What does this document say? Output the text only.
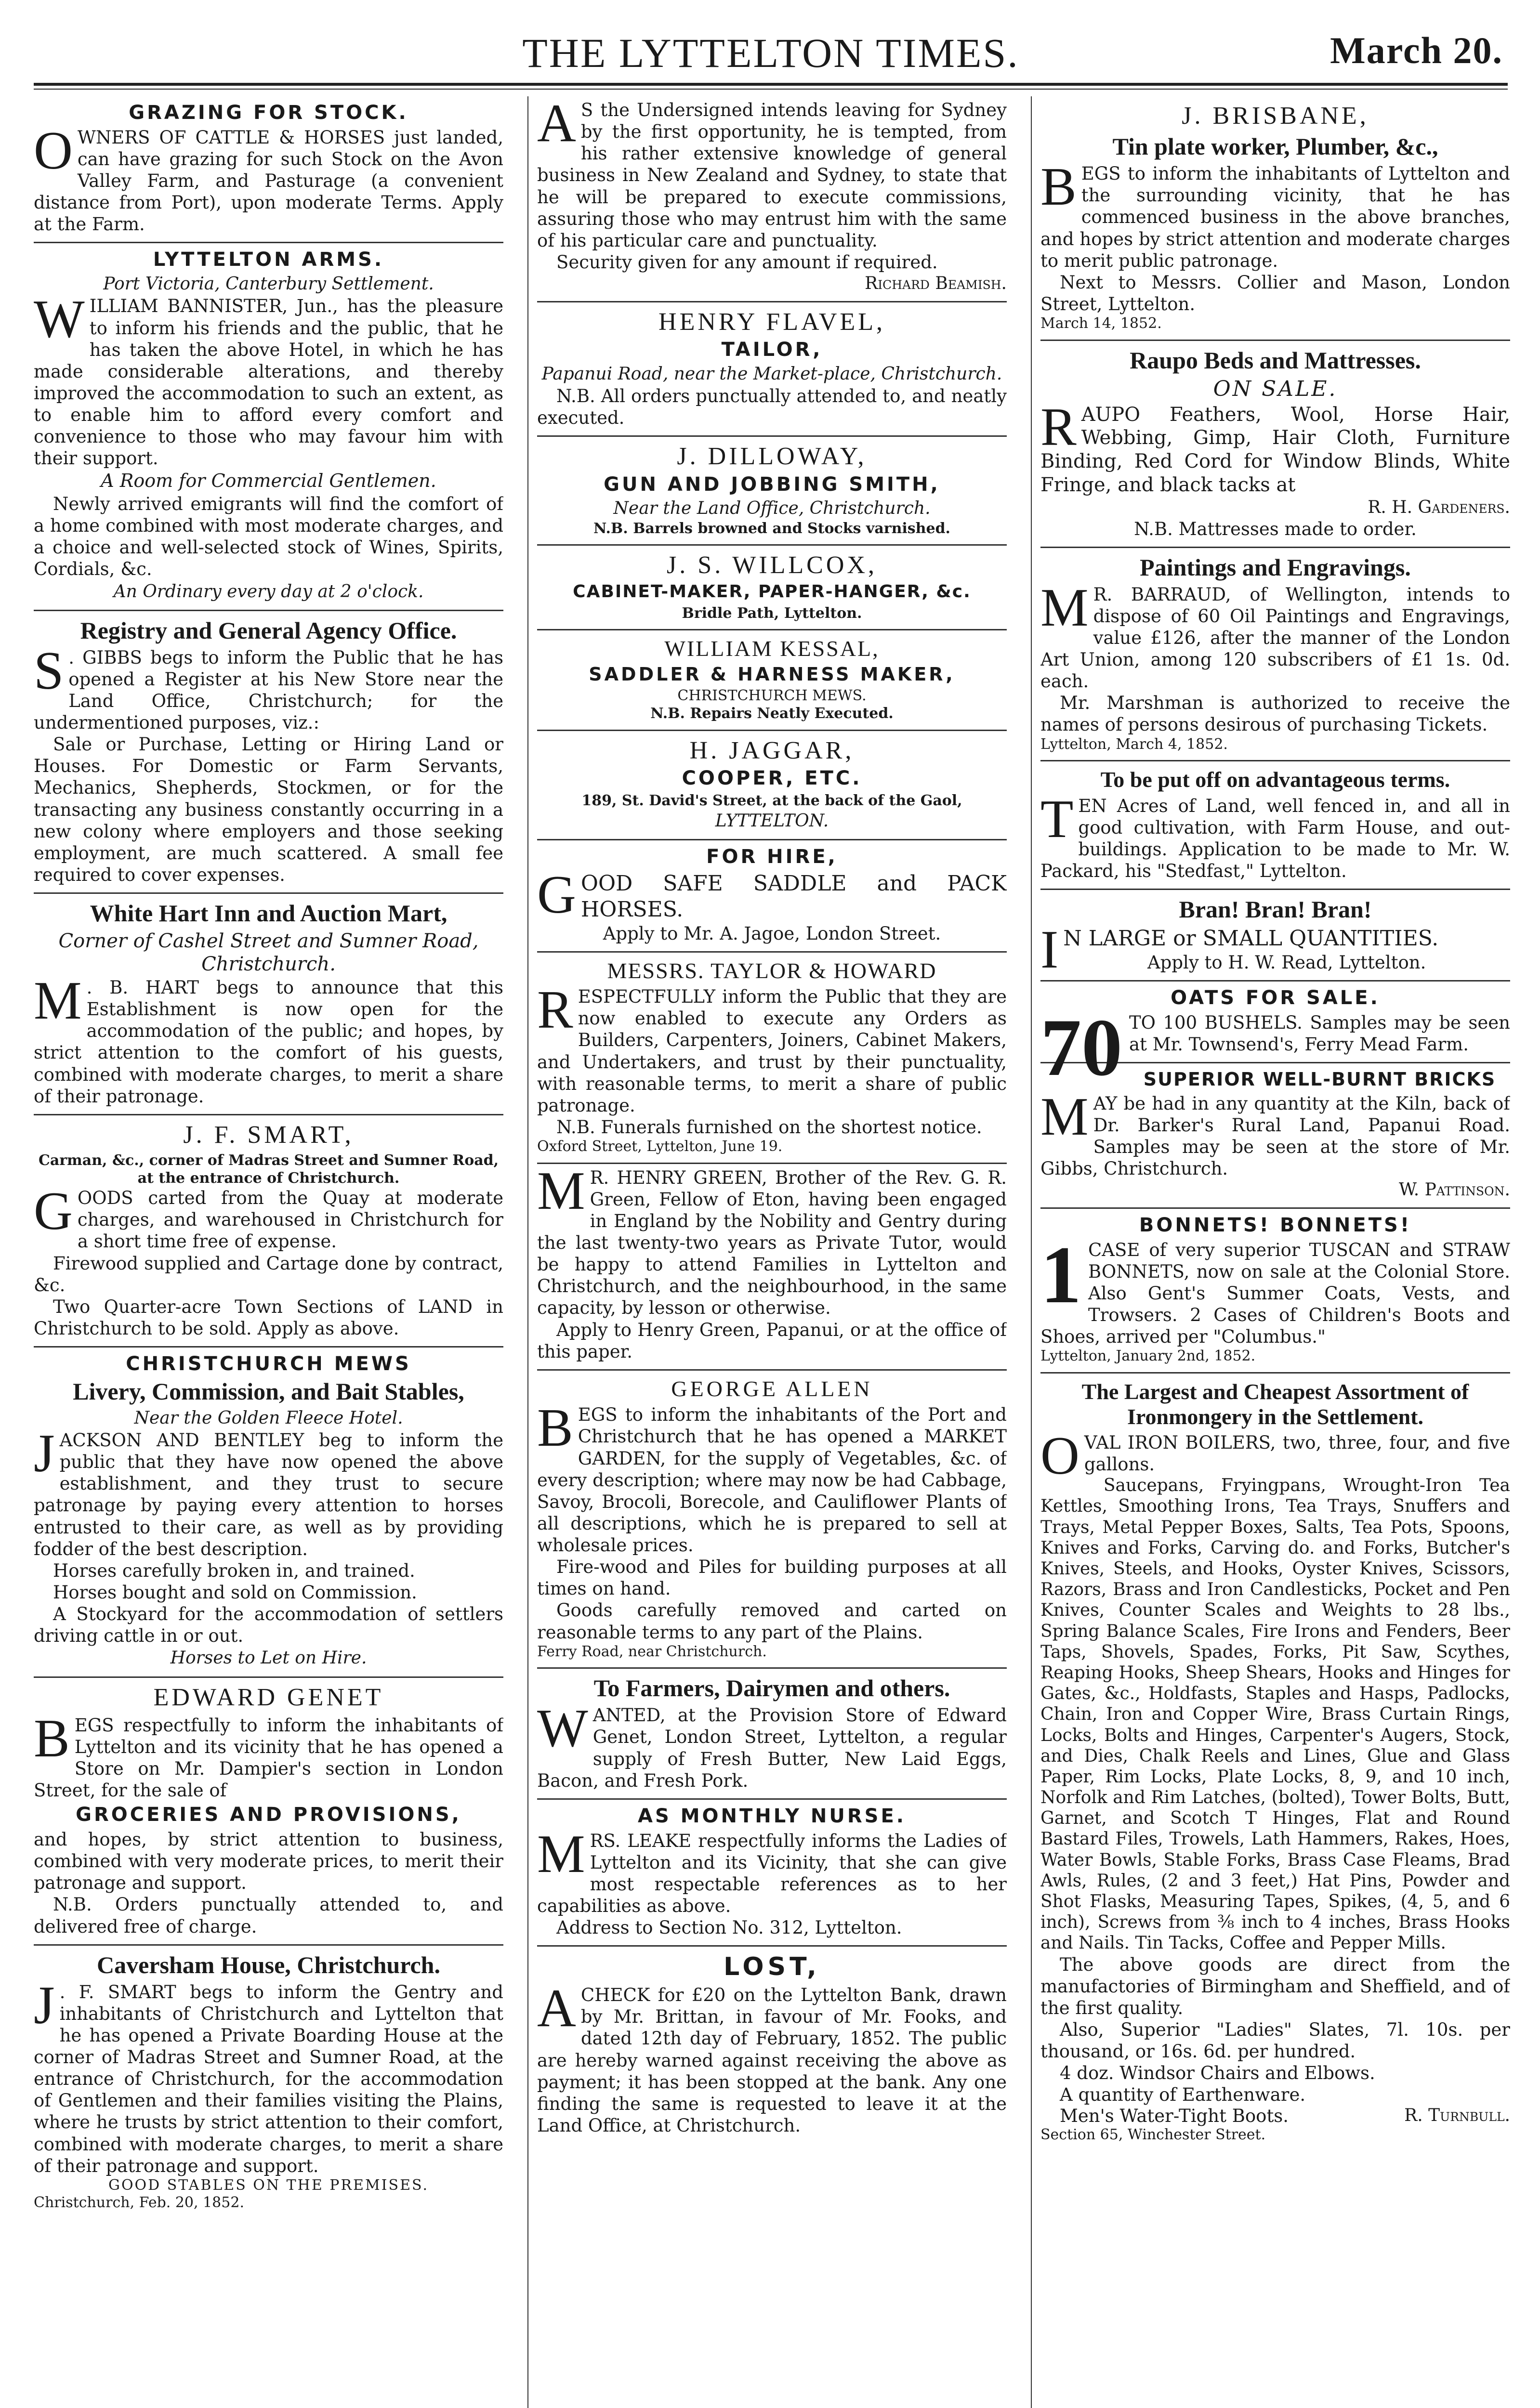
THE LYTTELTON TIMES.	March 20.
GRAZING FOR STOCK.

OWNERS OF CATTLE & HORSES just landed, can have grazing for such Stock on the Avon Valley Farm, and Pasturage (a convenient distance from Port), upon moderate Terms. Apply at the Farm.

LYTTELTON ARMS.
Port Victoria, Canterbury Settlement.

WILLIAM BANNISTER, Jun., has the pleasure to inform his friends and the public, that he has taken the above Hotel, in which he has made considerable alterations, and thereby improved the accommodation to such an extent, as to enable him to afford every comfort and convenience to those who may favour him with their support.

A Room for Commercial Gentlemen.

Newly arrived emigrants will find the comfort of a home combined with most moderate charges, and a choice and well-selected stock of Wines, Spirits, Cordials, &c.

An Ordinary every day at 2 o'clock.
Registry and General Agency Office.

S . GIBBS begs to inform the Public that he has opened a Register at his New Store near the Land Office, Christchurch; for the undermentioned purposes, viz.:

Sale or Purchase, Letting or Hiring Land or Houses. For Domestic or Farm Servants, Mechanics, Shepherds, Stockmen, or for the transacting any business constantly occurring in a new colony where employers and those seeking employment, are much scattered. A small fee required to cover expenses.

White Hart Inn and Auction Mart,
Corner of Cashel Street and Sumner Road, Christchurch.

M . B. HART begs to announce that this Establishment is now open for the accommodation of the public; and hopes, by strict attention to the comfort of his guests, combined with moderate charges, to merit a share of their patronage.

J. F. SMART,

Carman, &c., corner of Madras Street and Sumner Road, at the entrance of Christchurch.

GOODS carted from the Quay at moderate charges, and warehoused in Christchurch for a short time free of expense.

Firewood supplied and Cartage done by contract, &c.

Two Quarter-acre Town Sections of LAND in Christchurch to be sold. Apply as above.

CHRISTCHURCH MEWS
Livery, Commission, and Bait Stables,
Near the Golden Fleece Hotel.

JACKSON AND BENTLEY beg to inform the public that they have now opened the above establishment, and they trust to secure patronage by paying every attention to horses entrusted to their care, as well as by providing fodder of the best description.

Horses carefully broken in, and trained.

Horses bought and sold on Commission.

A Stockyard for the accommodation of settlers driving cattle in or out.

Horses to Let on Hire.
EDWARD GENET

BEGS respectfully to inform the inhabitants of Lyttelton and its vicinity that he has opened a Store on Mr. Dampier's section in London Street, for the sale of

GROCERIES AND PROVISIONS,

and hopes, by strict attention to business, combined with very moderate prices, to merit their patronage and support.

N.B. Orders punctually attended to, and delivered free of charge.

Caversham House, Christchurch.

J . F. SMART begs to inform the Gentry and inhabitants of Christchurch and Lyttelton that he has opened a Private Boarding House at the corner of Madras Street and Sumner Road, at the entrance of Christchurch, for the accommodation of Gentlemen and their families visiting the Plains, where he trusts by strict attention to their comfort, combined with moderate charges, to merit a share of their patronage and support.

GOOD STABLES ON THE PREMISES.

Christchurch, Feb. 20, 1852.

A S the Undersigned intends leaving for Sydney by the first opportunity, he is tempted, from his rather extensive knowledge of general business in New Zealand and Sydney, to state that he will be prepared to execute commissions, assuring those who may entrust him with the same of his particular care and punctuality.

Security given for any amount if required.

Richard Beamish.

HENRY FLAVEL,
TAILOR,
Papanui Road, near the Market-place, Christchurch.

N.B. All orders punctually attended to, and neatly executed.

J. DILLOWAY,
GUN AND JOBBING SMITH,
Near the Land Office, Christchurch.

N.B. Barrels browned and Stocks varnished.

J. S. WILLCOX,
CABINET-MAKER, PAPER-HANGER, &c.

Bridle Path, Lyttelton.

WILLIAM KESSAL,
SADDLER & HARNESS MAKER,

CHRISTCHURCH MEWS.

N.B. Repairs Neatly Executed.

H. JAGGAR,
COOPER, ETC.

189, St. David's Street, at the back of the Gaol,

LYTTELTON.
FOR HIRE,

GOOD SAFE SADDLE and PACK HORSES.

Apply to Mr. A. Jagoe, London Street.

MESSRS. TAYLOR & HOWARD

RESPECTFULLY inform the Public that they are now enabled to execute any Orders as Builders, Carpenters, Joiners, Cabinet Makers, and Undertakers, and trust by their punctuality, with reasonable terms, to merit a share of public patronage.

N.B. Funerals furnished on the shortest notice.

Oxford Street, Lyttelton, June 19.

M R. HENRY GREEN, Brother of the Rev. G. R. Green, Fellow of Eton, having been engaged in England by the Nobility and Gentry during the last twenty-two years as Private Tutor, would be happy to attend Families in Lyttelton and Christchurch, and the neighbourhood, in the same capacity, by lesson or otherwise.

Apply to Henry Green, Papanui, or at the office of this paper.

GEORGE ALLEN

BEGS to inform the inhabitants of the Port and Christchurch that he has opened a MARKET GARDEN, for the supply of Vegetables, &c. of every description; where may now be had Cabbage, Savoy, Brocoli, Borecole, and Cauliflower Plants of all descriptions, which he is prepared to sell at wholesale prices.

Fire-wood and Piles for building purposes at all times on hand.

Goods carefully removed and carted on reasonable terms to any part of the Plains.

Ferry Road, near Christchurch.

To Farmers, Dairymen and others.

WANTED, at the Provision Store of Edward Genet, London Street, Lyttelton, a regular supply of Fresh Butter, New Laid Eggs, Bacon, and Fresh Pork.

AS MONTHLY NURSE.

MRS. LEAKE respectfully informs the Ladies of Lyttelton and its Vicinity, that she can give most respectable references as to her capabilities as above.

Address to Section No. 312, Lyttelton.

LOST,

ACHECK for £20 on the Lyttelton Bank, drawn by Mr. Brittan, in favour of Mr. Fooks, and dated 12th day of February, 1852. The public are hereby warned against receiving the above as payment; it has been stopped at the bank. Any one finding the same is requested to leave it at the Land Office, at Christchurch.

J. BRISBANE,
Tin plate worker, Plumber, &c.,

BEGS to inform the inhabitants of Lyttelton and the surrounding vicinity, that he has commenced business in the above branches, and hopes by strict attention and moderate charges to merit public patronage.

Next to Messrs. Collier and Mason, London Street, Lyttelton.

March 14, 1852.

Raupo Beds and Mattresses.
ON SALE.

RAUPO Feathers, Wool, Horse Hair, Webbing, Gimp, Hair Cloth, Furniture Binding, Red Cord for Window Blinds, White Fringe, and black tacks at

R. H. Gardeners.

N.B. Mattresses made to order.

Paintings and Engravings.

M R. BARRAUD, of Wellington, intends to dispose of 60 Oil Paintings and Engravings, value £126, after the manner of the London Art Union, among 120 subscribers of £1 1s. 0d. each.

Mr. Marshman is authorized to receive the names of persons desirous of purchasing Tickets.

Lyttelton, March 4, 1852.

To be put off on advantageous terms.

TEN Acres of Land, well fenced in, and all in good cultivation, with Farm House, and out-buildings. Application to be made to Mr. W. Packard, his "Stedfast," Lyttelton.

Bran! Bran! Bran!

I N LARGE or SMALL QUANTITIES.

Apply to H. W. Read, Lyttelton.

OATS FOR SALE.

70 TO 100 BUSHELS. Samples may be seen at Mr. Townsend's, Ferry Mead Farm.

SUPERIOR WELL-BURNT BRICKS

MAY be had in any quantity at the Kiln, back of Dr. Barker's Rural Land, Papanui Road. Samples may be seen at the store of Mr. Gibbs, Christchurch.

W. Pattinson.

BONNETS! BONNETS!

1 CASE of very superior TUSCAN and STRAW BONNETS, now on sale at the Colonial Store. Also Gent's Summer Coats, Vests, and Trowsers. 2 Cases of Children's Boots and Shoes, arrived per "Columbus."

Lyttelton, January 2nd, 1852.

The Largest and Cheapest Assortment of Ironmongery in the Settlement.

OVAL IRON BOILERS, two, three, four, and five gallons.

Saucepans, Fryingpans, Wrought-Iron Tea Kettles, Smoothing Irons, Tea Trays, Snuffers and Trays, Metal Pepper Boxes, Salts, Tea Pots, Spoons, Knives and Forks, Carving do. and Forks, Butcher's Knives, Steels, and Hooks, Oyster Knives, Scissors, Razors, Brass and Iron Candlesticks, Pocket and Pen Knives, Counter Scales and Weights to 28 lbs., Spring Balance Scales, Fire Irons and Fenders, Beer Taps, Shovels, Spades, Forks, Pit Saw, Scythes, Reaping Hooks, Sheep Shears, Hooks and Hinges for Gates, &c., Holdfasts, Staples and Hasps, Padlocks, Chain, Iron and Copper Wire, Brass Curtain Rings, Locks, Bolts and Hinges, Carpenter's Augers, Stock, and Dies, Chalk Reels and Lines, Glue and Glass Paper, Rim Locks, Plate Locks, 8, 9, and 10 inch, Norfolk and Rim Latches, (bolted), Tower Bolts, Butt, Garnet, and Scotch T Hinges, Flat and Round Bastard Files, Trowels, Lath Hammers, Rakes, Hoes, Water Bowls, Stable Forks, Brass Case Fleams, Brad Awls, Rules, (2 and 3 feet,) Hat Pins, Powder and Shot Flasks, Measuring Tapes, Spikes, (4, 5, and 6 inch), Screws from ⅜ inch to 4 inches, Brass Hooks and Nails. Tin Tacks, Coffee and Pepper Mills.

The above goods are direct from the manufactories of Birmingham and Sheffield, and of the first quality.

Also, Superior "Ladies" Slates, 7l. 10s. per thousand, or 16s. 6d. per hundred.

4 doz. Windsor Chairs and Elbows.

A quantity of Earthenware.

Men's Water-Tight Boots.	R. Turnbull.

Section 65, Winchester Street.
